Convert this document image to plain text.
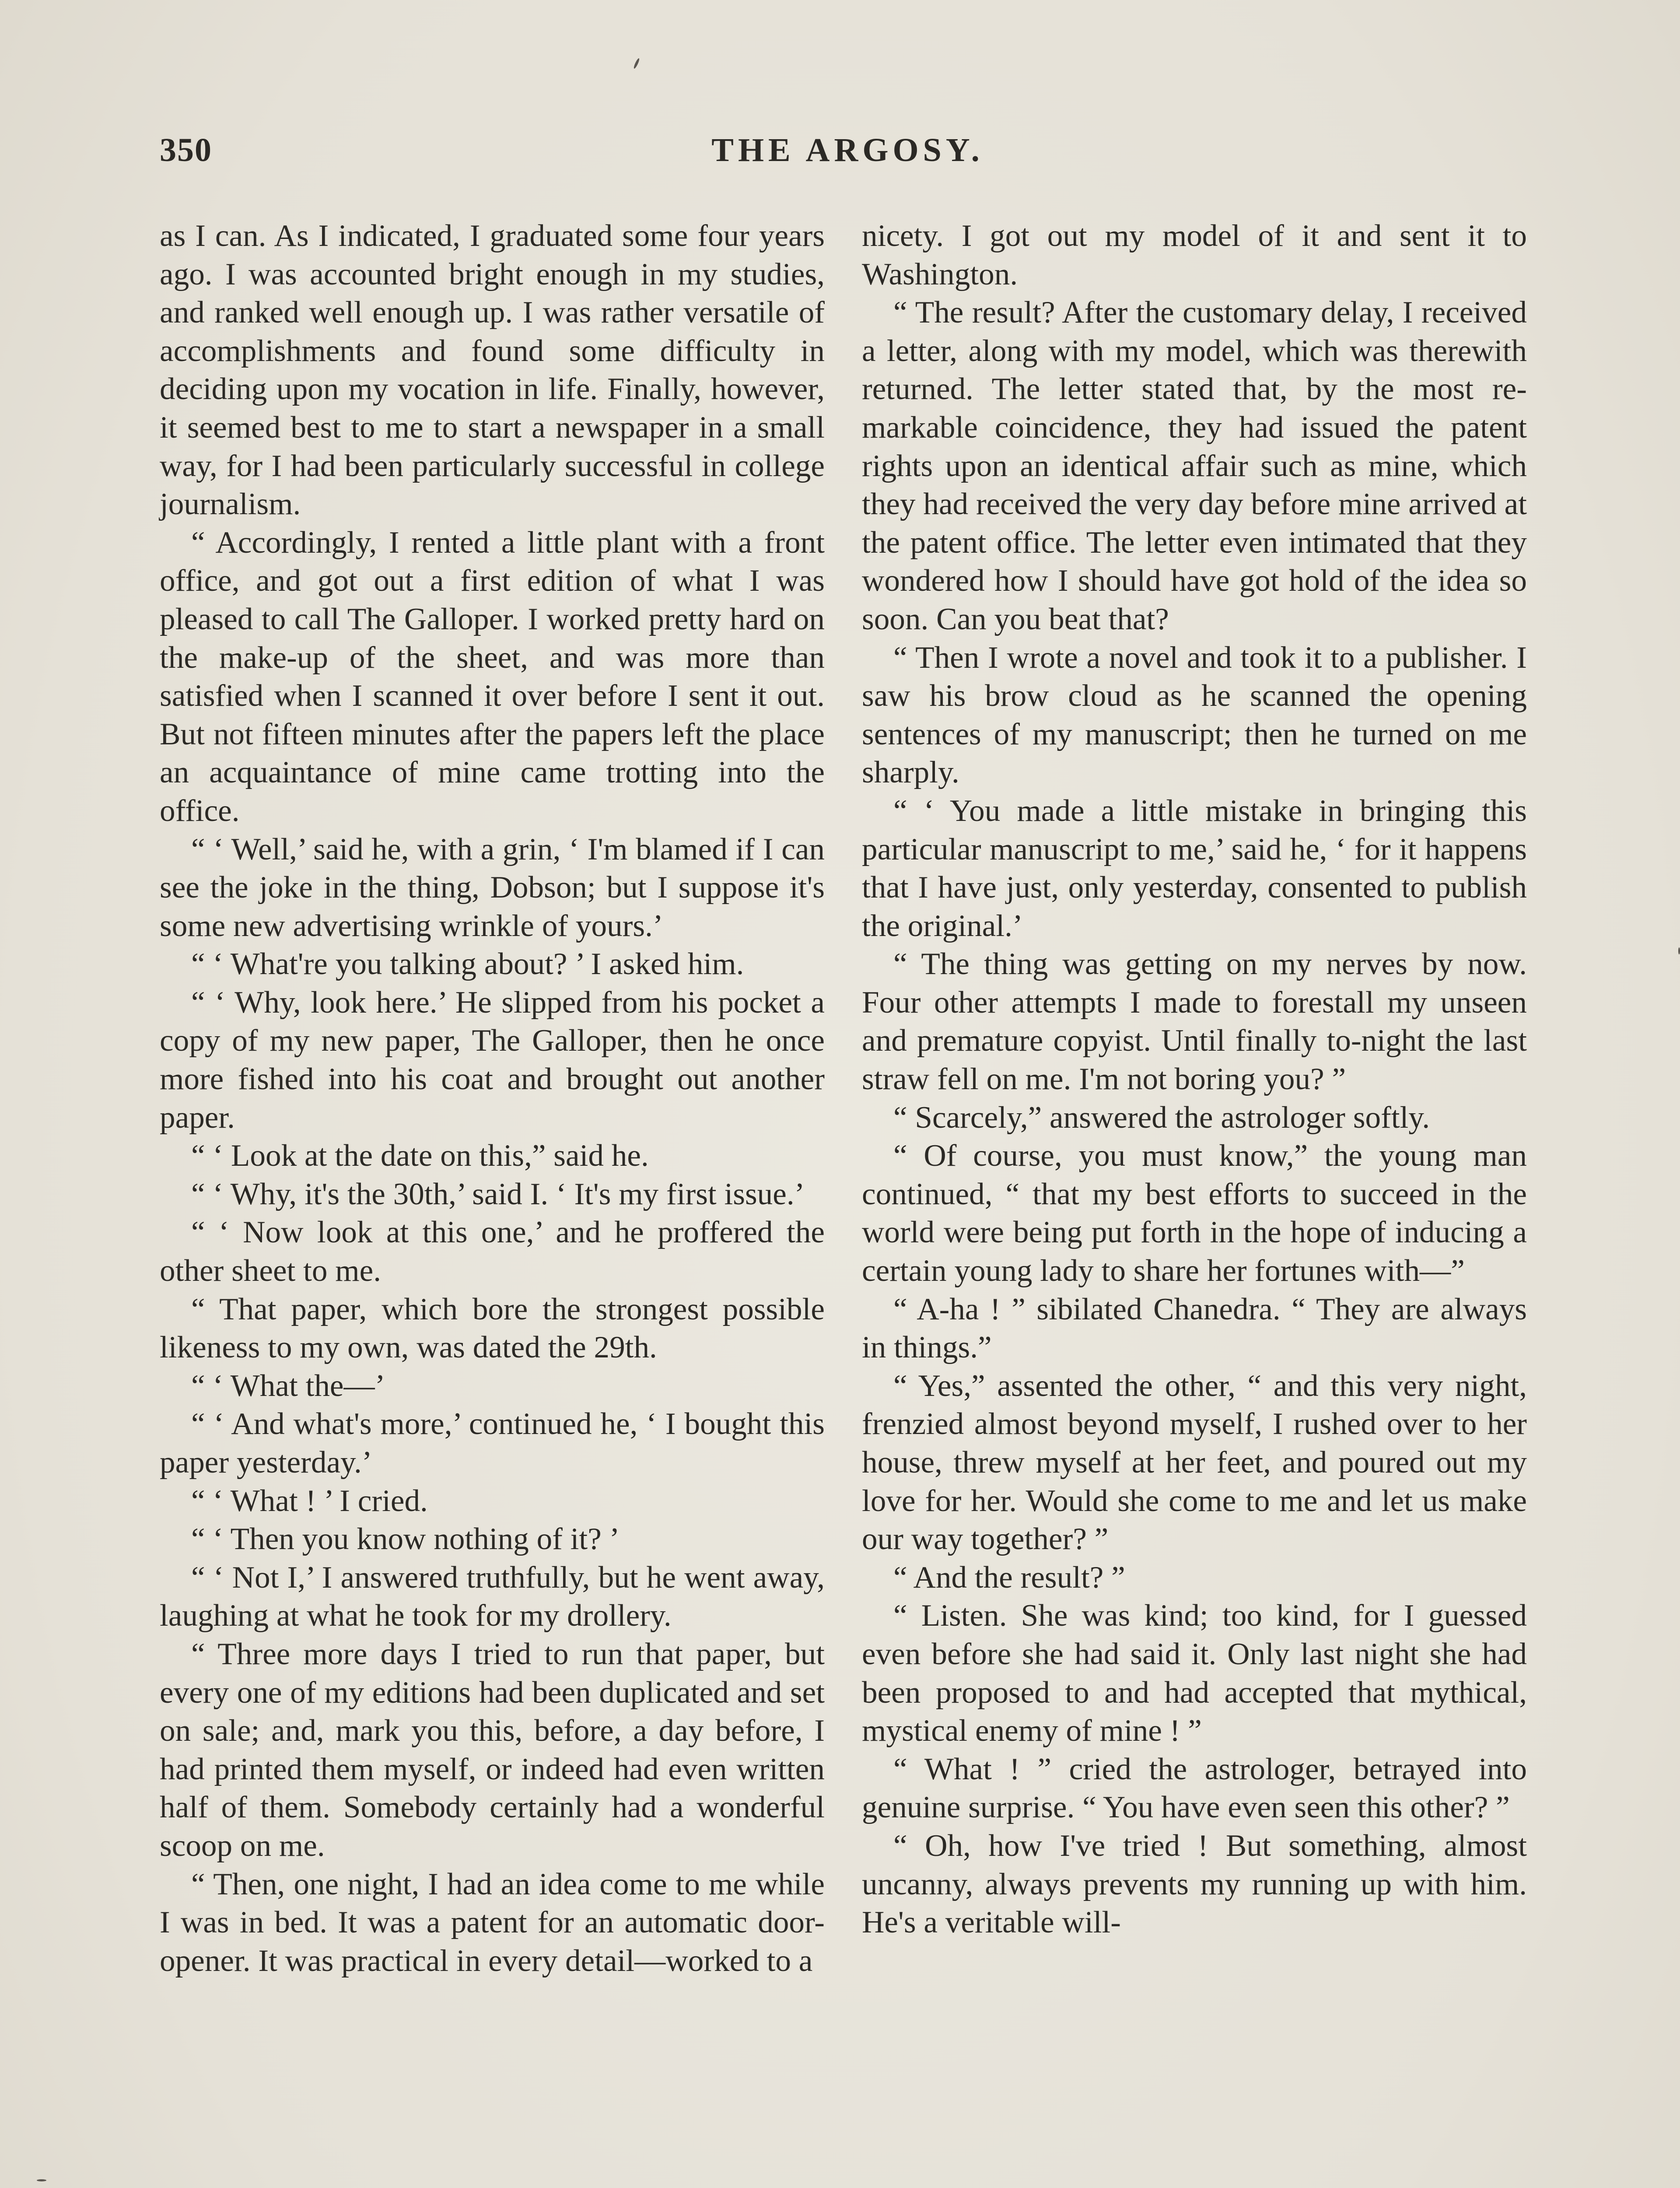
350	THE ARGOSY.

as I can. As I indicated, I graduated some four years ago. I was accounted bright enough in my studies, and ranked well enough up. I was rather versatile of accomplishments and found some difficulty in deciding upon my vocation in life. Finally, however, it seemed best to me to start a newspaper in a small way, for I had been particularly successful in college journalism.

“ Accordingly, I rented a little plant with a front office, and got out a first edition of what I was pleased to call The Galloper. I worked pretty hard on the make-up of the sheet, and was more than satisfied when I scanned it over before I sent it out. But not fifteen minutes after the papers left the place an acquaintance of mine came trotting into the office.

“ ‘ Well,’ said he, with a grin, ‘ I'm blamed if I can see the joke in the thing, Dobson; but I suppose it's some new advertising wrinkle of yours.’

“ ‘ What're you talking about? ’ I asked him.

“ ‘ Why, look here.’ He slipped from his pocket a copy of my new paper, The Galloper, then he once more fished into his coat and brought out another paper.

“ ‘ Look at the date on this,” said he.

“ ‘ Why, it's the 30th,’ said I. ‘ It's my first issue.’

“ ‘ Now look at this one,’ and he proffered the other sheet to me.

“ That paper, which bore the strongest possible likeness to my own, was dated the 29th.

“ ‘ What the—’

“ ‘ And what's more,’ continued he, ‘ I bought this paper yesterday.’

“ ‘ What ! ’ I cried.

“ ‘ Then you know nothing of it? ’

“ ‘ Not I,’ I answered truthfully, but he went away, laughing at what he took for my drollery.

“ Three more days I tried to run that paper, but every one of my editions had been duplicated and set on sale; and, mark you this, before, a day before, I had printed them myself, or indeed had even written half of them. Somebody certainly had a wonderful scoop on me.

“ Then, one night, I had an idea come to me while I was in bed. It was a patent for an automatic door-opener. It was practical in every detail—worked to a

nicety. I got out my model of it and sent it to Washington.

“ The result? After the customary delay, I received a letter, along with my model, which was therewith returned. The letter stated that, by the most remarkable coincidence, they had issued the patent rights upon an identical affair such as mine, which they had received the very day before mine arrived at the patent office. The letter even intimated that they wondered how I should have got hold of the idea so soon. Can you beat that?

“ Then I wrote a novel and took it to a publisher. I saw his brow cloud as he scanned the opening sentences of my manuscript; then he turned on me sharply.

“ ‘ You made a little mistake in bringing this particular manuscript to me,’ said he, ‘ for it happens that I have just, only yesterday, consented to publish the original.’

“ The thing was getting on my nerves by now. Four other attempts I made to forestall my unseen and premature copyist. Until finally to-night the last straw fell on me. I'm not boring you? ”

“ Scarcely,” answered the astrologer softly.

“ Of course, you must know,” the young man continued, “ that my best efforts to succeed in the world were being put forth in the hope of inducing a certain young lady to share her fortunes with—”

“ A-ha ! ” sibilated Chanedra. “ They are always in things.”

“ Yes,” assented the other, “ and this very night, frenzied almost beyond myself, I rushed over to her house, threw myself at her feet, and poured out my love for her. Would she come to me and let us make our way together? ”

“ And the result? ”

“ Listen. She was kind; too kind, for I guessed even before she had said it. Only last night she had been proposed to and had accepted that mythical, mystical enemy of mine ! ”

“ What ! ” cried the astrologer, betrayed into genuine surprise. “ You have even seen this other? ”

“ Oh, how I've tried ! But something, almost uncanny, always prevents my running up with him. He's a veritable will-
